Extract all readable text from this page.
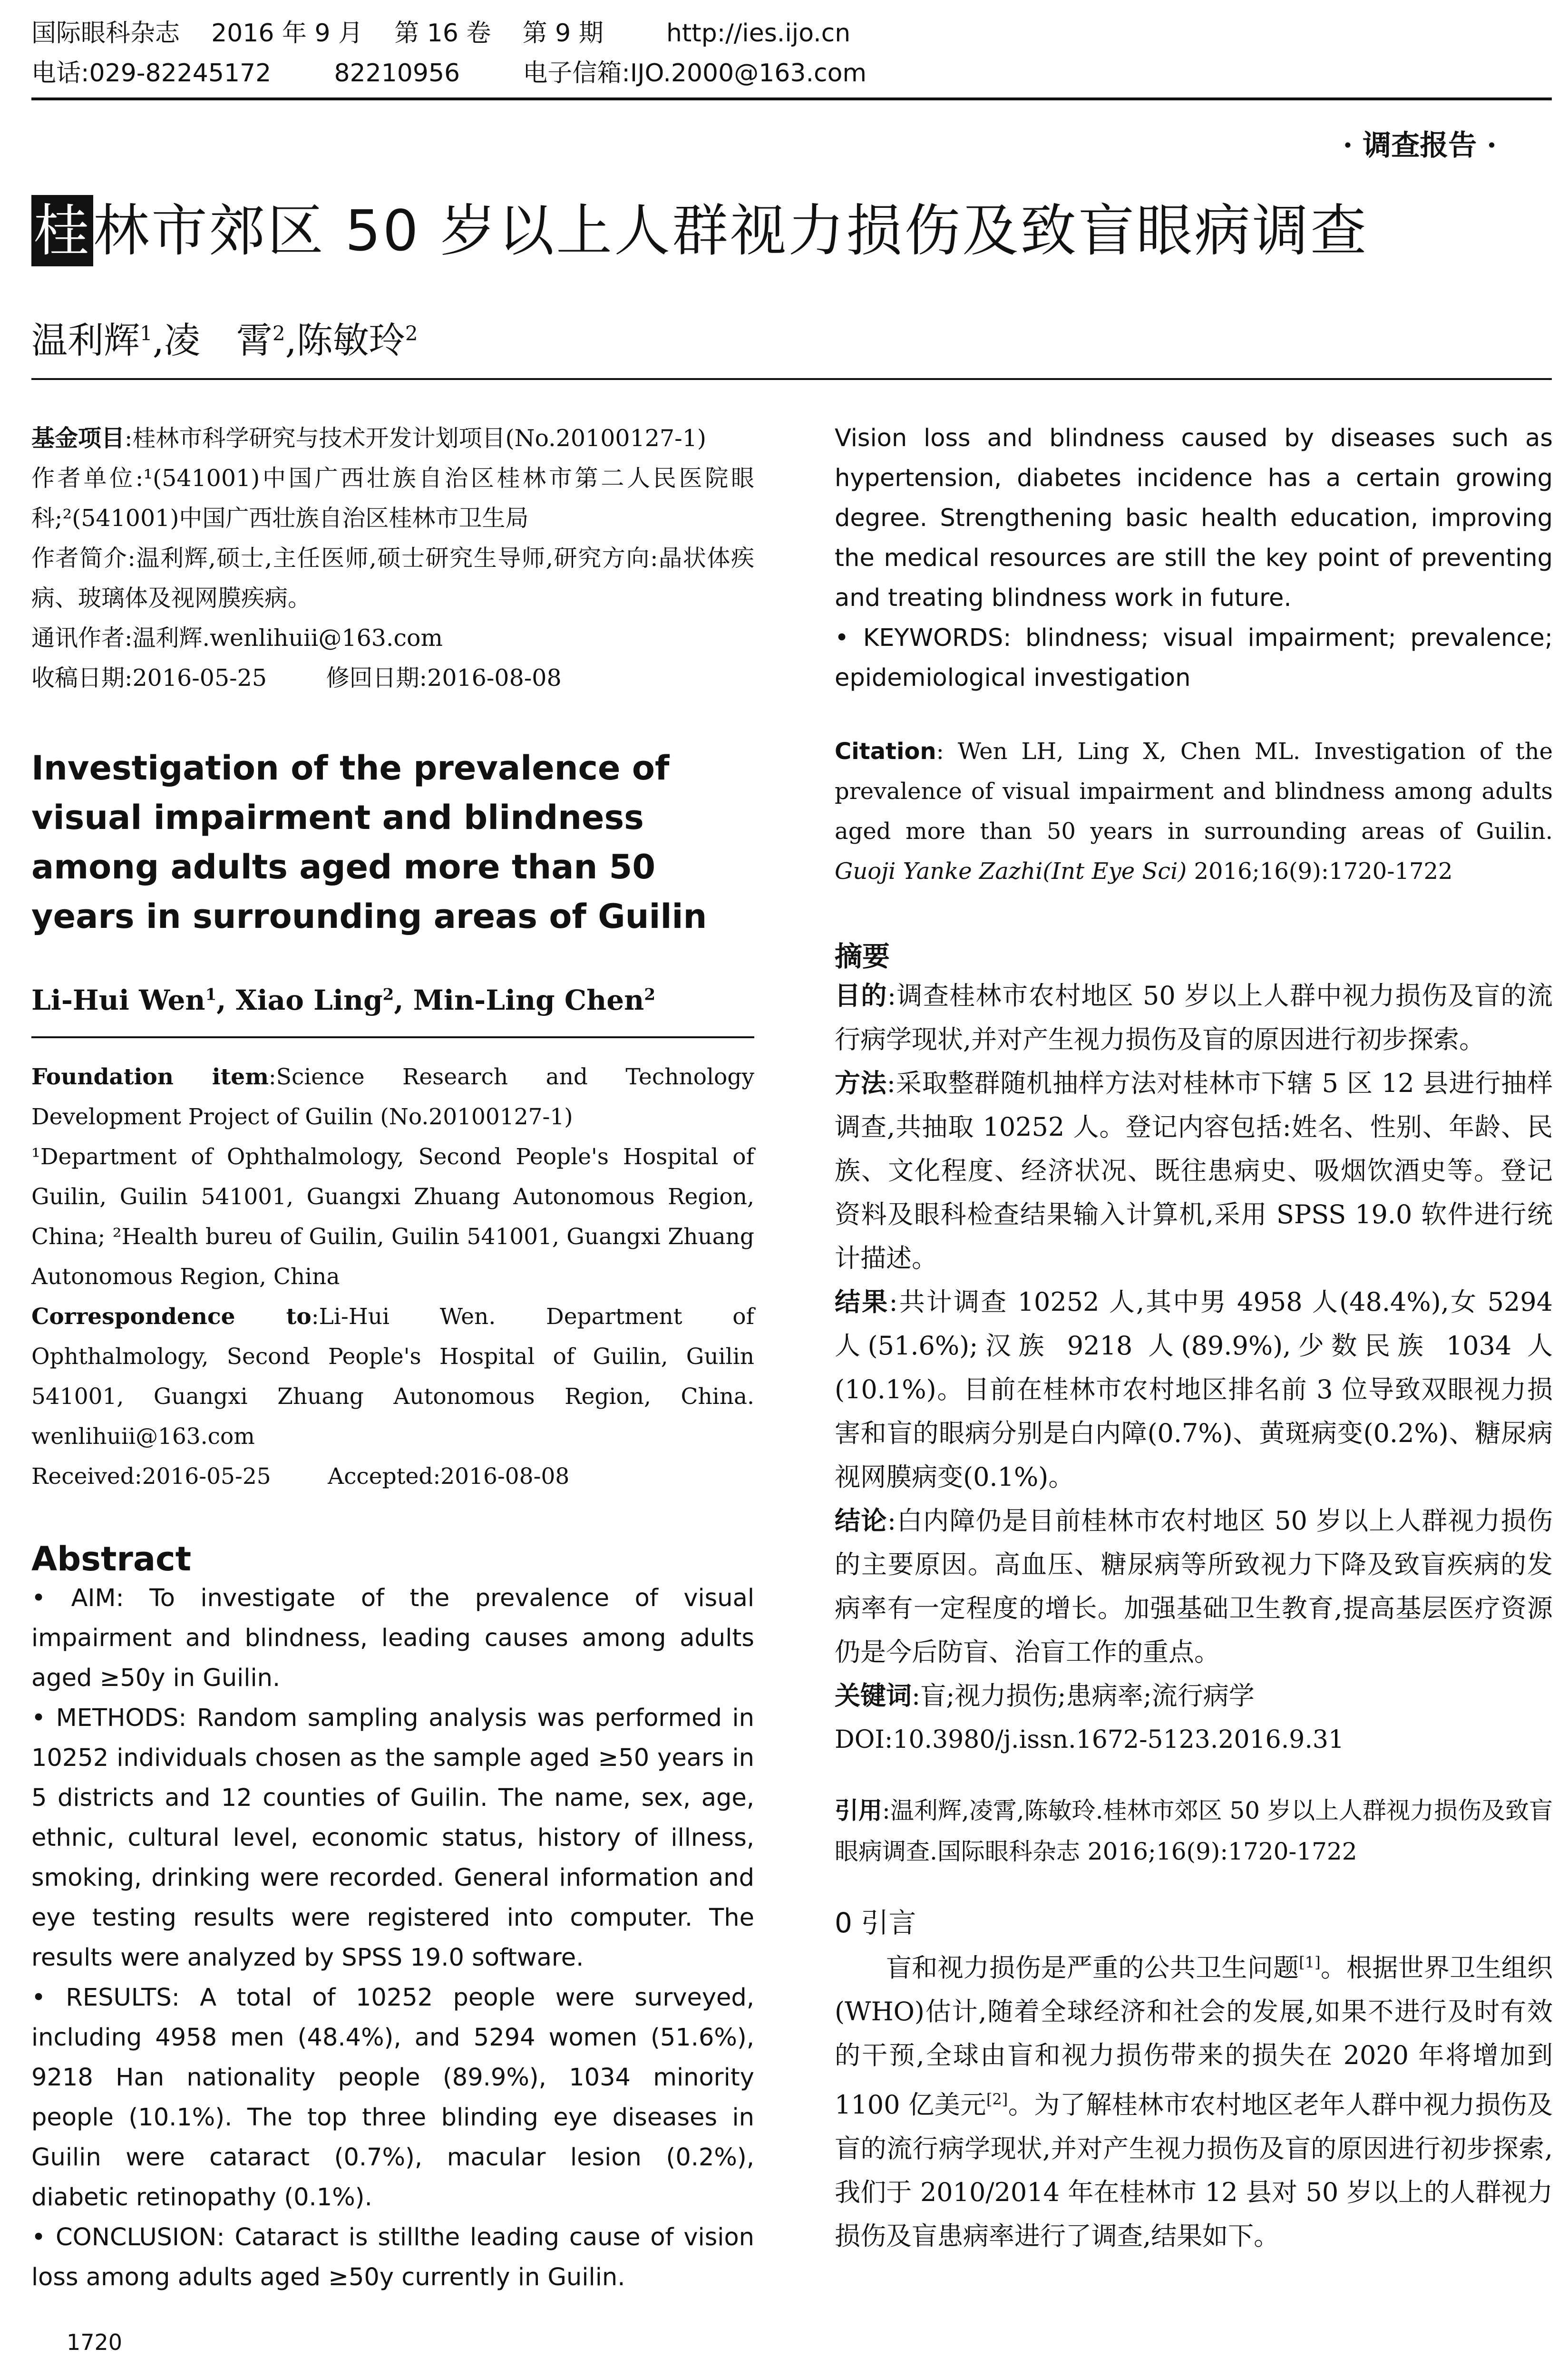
国际眼科杂志    2016 年 9 月    第 16 卷    第 9 期        http://ies.ijo.cn
电话:029-82245172        82210956        电子信箱:IJO.2000@163.com
· 调查报告 ·
桂林市郊区 50 岁以上人群视力损伤及致盲眼病调查
温利辉$^1$,凌　霄$^2$,陈敏玲$^2$
基金项目:桂林市科学研究与技术开发计划项目(No.20100127-1)
作者单位:¹(541001)中国广西壮族自治区桂林市第二人民医院眼科;²(541001)中国广西壮族自治区桂林市卫生局
作者简介:温利辉,硕士,主任医师,硕士研究生导师,研究方向:晶状体疾病、玻璃体及视网膜疾病。
通讯作者:温利辉.wenlihuii@163.com
收稿日期:2016-05-25        修回日期:2016-08-08
Investigation of the prevalence of visual impairment and blindness among adults aged more than 50 years in surrounding areas of Guilin
Li-Hui Wen$^1$, Xiao Ling$^2$, Min-Ling Chen$^2$
Foundation item:Science Research and Technology Development Project of Guilin (No.20100127-1)
¹Department of Ophthalmology, Second People's Hospital of Guilin, Guilin 541001, Guangxi Zhuang Autonomous Region, China; ²Health bureu of Guilin, Guilin 541001, Guangxi Zhuang Autonomous Region, China
Correspondence to:Li-Hui Wen. Department of Ophthalmology, Second People's Hospital of Guilin, Guilin 541001, Guangxi Zhuang Autonomous Region, China. wenlihuii@163.com
Received:2016-05-25        Accepted:2016-08-08
Abstract

• AIM: To investigate of the prevalence of visual impairment and blindness, leading causes among adults aged ≥50y in Guilin.

• METHODS: Random sampling analysis was performed in 10252 individuals chosen as the sample aged ≥50 years in 5 districts and 12 counties of Guilin. The name, sex, age, ethnic, cultural level, economic status, history of illness, smoking, drinking were recorded. General information and eye testing results were registered into computer. The results were analyzed by SPSS 19.0 software.

• RESULTS: A total of 10252 people were surveyed, including 4958 men (48.4%), and 5294 women (51.6%), 9218 Han nationality people (89.9%), 1034 minority people (10.1%). The top three blinding eye diseases in Guilin were cataract (0.7%), macular lesion (0.2%), diabetic retinopathy (0.1%).

• CONCLUSION: Cataract is stillthe leading cause of vision loss among adults aged ≥50y currently in Guilin.

Vision loss and blindness caused by diseases such as hypertension, diabetes incidence has a certain growing degree. Strengthening basic health education, improving the medical resources are still the key point of preventing and treating blindness work in future.

• KEYWORDS: blindness; visual impairment; prevalence; epidemiological investigation

Citation: Wen LH, Ling X, Chen ML. Investigation of the prevalence of visual impairment and blindness among adults aged more than 50 years in surrounding areas of Guilin. Guoji Yanke Zazhi(Int Eye Sci) 2016;16(9):1720-1722
摘要

目的:调查桂林市农村地区 50 岁以上人群中视力损伤及盲的流行病学现状,并对产生视力损伤及盲的原因进行初步探索。

方法:采取整群随机抽样方法对桂林市下辖 5 区 12 县进行抽样调查,共抽取 10252 人。登记内容包括:姓名、性别、年龄、民族、文化程度、经济状况、既往患病史、吸烟饮酒史等。登记资料及眼科检查结果输入计算机,采用 SPSS 19.0 软件进行统计描述。

结果:共计调查 10252 人,其中男 4958 人(48.4%),女 5294 人(51.6%);汉族 9218 人(89.9%),少数民族 1034 人(10.1%)。目前在桂林市农村地区排名前 3 位导致双眼视力损害和盲的眼病分别是白内障(0.7%)、黄斑病变(0.2%)、糖尿病视网膜病变(0.1%)。

结论:白内障仍是目前桂林市农村地区 50 岁以上人群视力损伤的主要原因。高血压、糖尿病等所致视力下降及致盲疾病的发病率有一定程度的增长。加强基础卫生教育,提高基层医疗资源仍是今后防盲、治盲工作的重点。

关键词:盲;视力损伤;患病率;流行病学

DOI:10.3980/j.issn.1672-5123.2016.9.31
引用:温利辉,凌霄,陈敏玲.桂林市郊区 50 岁以上人群视力损伤及致盲眼病调查.国际眼科杂志 2016;16(9):1720-1722
0 引言
盲和视力损伤是严重的公共卫生问题[1]。根据世界卫生组织(WHO)估计,随着全球经济和社会的发展,如果不进行及时有效的干预,全球由盲和视力损伤带来的损失在 2020 年将增加到 1100 亿美元[2]。为了解桂林市农村地区老年人群中视力损伤及盲的流行病学现状,并对产生视力损伤及盲的原因进行初步探索,我们于 2010/2014 年在桂林市 12 县对 50 岁以上的人群视力损伤及盲患病率进行了调查,结果如下。
1720
